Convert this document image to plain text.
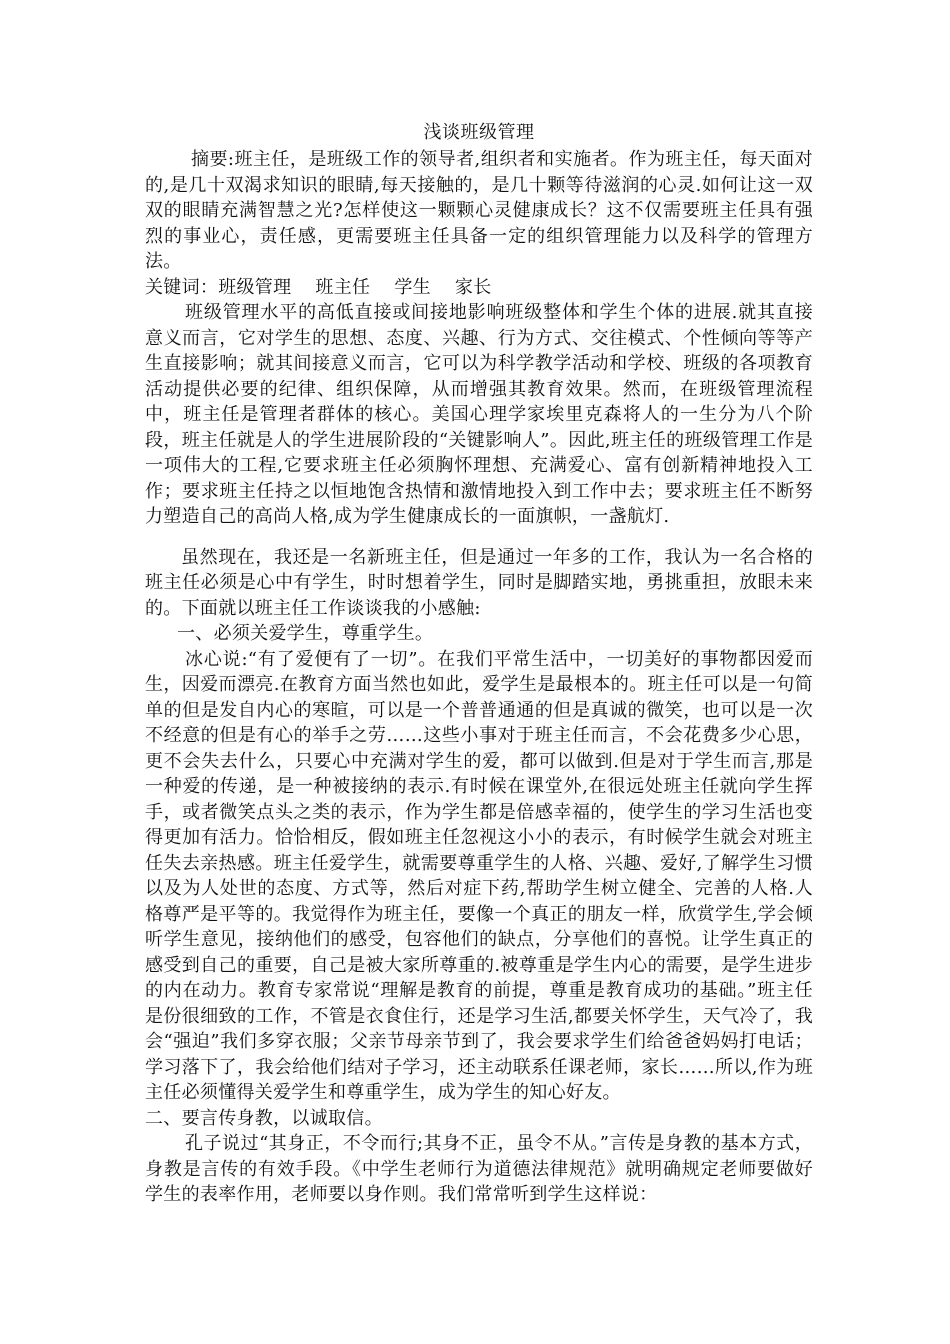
浅谈班级管理

摘要:班主任，是班级工作的领导者,组织者和实施者。作为班主任，每天面对的,是几十双渴求知识的眼睛,每天接触的，是几十颗等待滋润的心灵.如何让这一双双的眼睛充满智慧之光?怎样使这一颗颗心灵健康成长？这不仅需要班主任具有强烈的事业心，责任感，更需要班主任具备一定的组织管理能力以及科学的管理方法。

关键词：班级管理 班主任 学生 家长

班级管理水平的高低直接或间接地影响班级整体和学生个体的进展.就其直接意义而言，它对学生的思想、态度、兴趣、行为方式、交往模式、个性倾向等等产生直接影响；就其间接意义而言，它可以为科学教学活动和学校、班级的各项教育活动提供必要的纪律、组织保障，从而增强其教育效果。然而，在班级管理流程中，班主任是管理者群体的核心。美国心理学家埃里克森将人的一生分为八个阶段，班主任就是人的学生进展阶段的“关键影响人”。因此,班主任的班级管理工作是一项伟大的工程,它要求班主任必须胸怀理想、充满爱心、富有创新精神地投入工作；要求班主任持之以恒地饱含热情和激情地投入到工作中去；要求班主任不断努力塑造自己的高尚人格,成为学生健康成长的一面旗帜，一盏航灯.

虽然现在，我还是一名新班主任，但是通过一年多的工作，我认为一名合格的班主任必须是心中有学生，时时想着学生，同时是脚踏实地，勇挑重担，放眼未来的。下面就以班主任工作谈谈我的小感触:

一、必须关爱学生，尊重学生。

冰心说:“有了爱便有了一切”。在我们平常生活中，一切美好的事物都因爱而生，因爱而漂亮.在教育方面当然也如此，爱学生是最根本的。班主任可以是一句简单的但是发自内心的寒暄，可以是一个普普通通的但是真诚的微笑，也可以是一次不经意的但是有心的举手之劳……这些小事对于班主任而言，不会花费多少心思，更不会失去什么，只要心中充满对学生的爱，都可以做到.但是对于学生而言,那是一种爱的传递，是一种被接纳的表示.有时候在课堂外,在很远处班主任就向学生挥手，或者微笑点头之类的表示，作为学生都是倍感幸福的，使学生的学习生活也变得更加有活力。恰恰相反，假如班主任忽视这小小的表示，有时候学生就会对班主任失去亲热感。班主任爱学生，就需要尊重学生的人格、兴趣、爱好,了解学生习惯以及为人处世的态度、方式等，然后对症下药,帮助学生树立健全、完善的人格.人格尊严是平等的。我觉得作为班主任，要像一个真正的朋友一样，欣赏学生,学会倾听学生意见，接纳他们的感受，包容他们的缺点，分享他们的喜悦。让学生真正的感受到自己的重要，自己是被大家所尊重的.被尊重是学生内心的需要，是学生进步的内在动力。教育专家常说“理解是教育的前提，尊重是教育成功的基础。”班主任是份很细致的工作，不管是衣食住行，还是学习生活,都要关怀学生，天气冷了，我会“强迫”我们多穿衣服；父亲节母亲节到了，我会要求学生们给爸爸妈妈打电话；学习落下了，我会给他们结对子学习，还主动联系任课老师，家长……所以,作为班主任必须懂得关爱学生和尊重学生，成为学生的知心好友。

二、要言传身教，以诚取信。

孔子说过“其身正，不令而行;其身不正，虽令不从。”言传是身教的基本方式，身教是言传的有效手段。《中学生老师行为道德法律规范》就明确规定老师要做好学生的表率作用，老师要以身作则。我们常常听到学生这样说：
